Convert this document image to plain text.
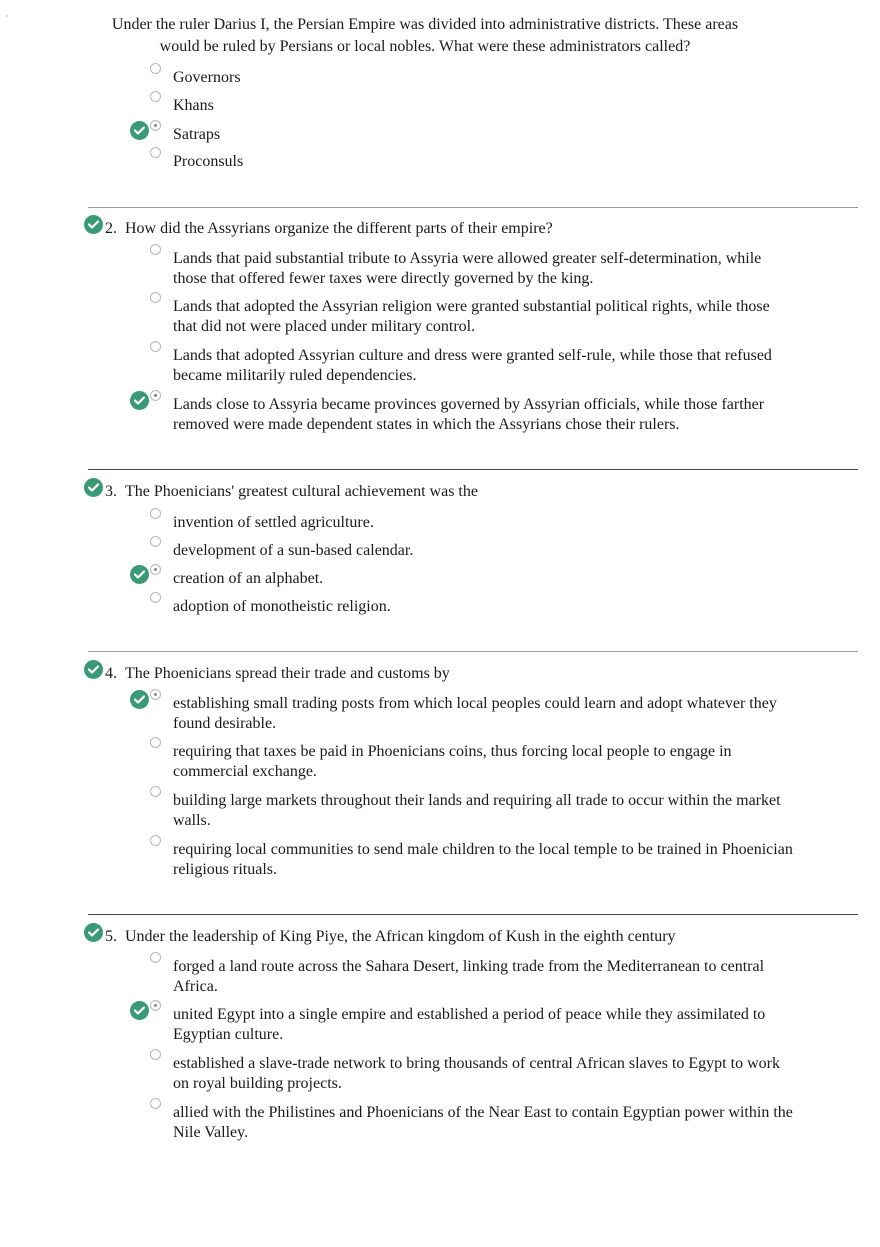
'	Under the ruler Darius I, the Persian Empire was divided into administrative districts. These areas would be ruled by Persians or local nobles. What were these administrators called?
Governors
Khans
Satraps
Proconsuls
2. How did the Assyrians organize the different parts of their empire?
Lands that paid substantial tribute to Assyria were allowed greater self-determination, while those that offered fewer taxes were directly governed by the king.
Lands that adopted the Assyrian religion were granted substantial political rights, while those that did not were placed under military control.
Lands that adopted Assyrian culture and dress were granted self-rule, while those that refused became militarily ruled dependencies.
Lands close to Assyria became provinces governed by Assyrian officials, while those farther removed were made dependent states in which the Assyrians chose their rulers.
3. The Phoenicians' greatest cultural achievement was the
invention of settled agriculture.
development of a sun-based calendar.
creation of an alphabet.
adoption of monotheistic religion.
4. The Phoenicians spread their trade and customs by
establishing small trading posts from which local peoples could learn and adopt whatever they found desirable.
requiring that taxes be paid in Phoenicians coins, thus forcing local people to engage in commercial exchange.
building large markets throughout their lands and requiring all trade to occur within the market walls.
requiring local communities to send male children to the local temple to be trained in Phoenician religious rituals.
5. Under the leadership of King Piye, the African kingdom of Kush in the eighth century
forged a land route across the Sahara Desert, linking trade from the Mediterranean to central Africa.
united Egypt into a single empire and established a period of peace while they assimilated to Egyptian culture.
established a slave-trade network to bring thousands of central African slaves to Egypt to work on royal building projects.
allied with the Philistines and Phoenicians of the Near East to contain Egyptian power within the Nile Valley.
